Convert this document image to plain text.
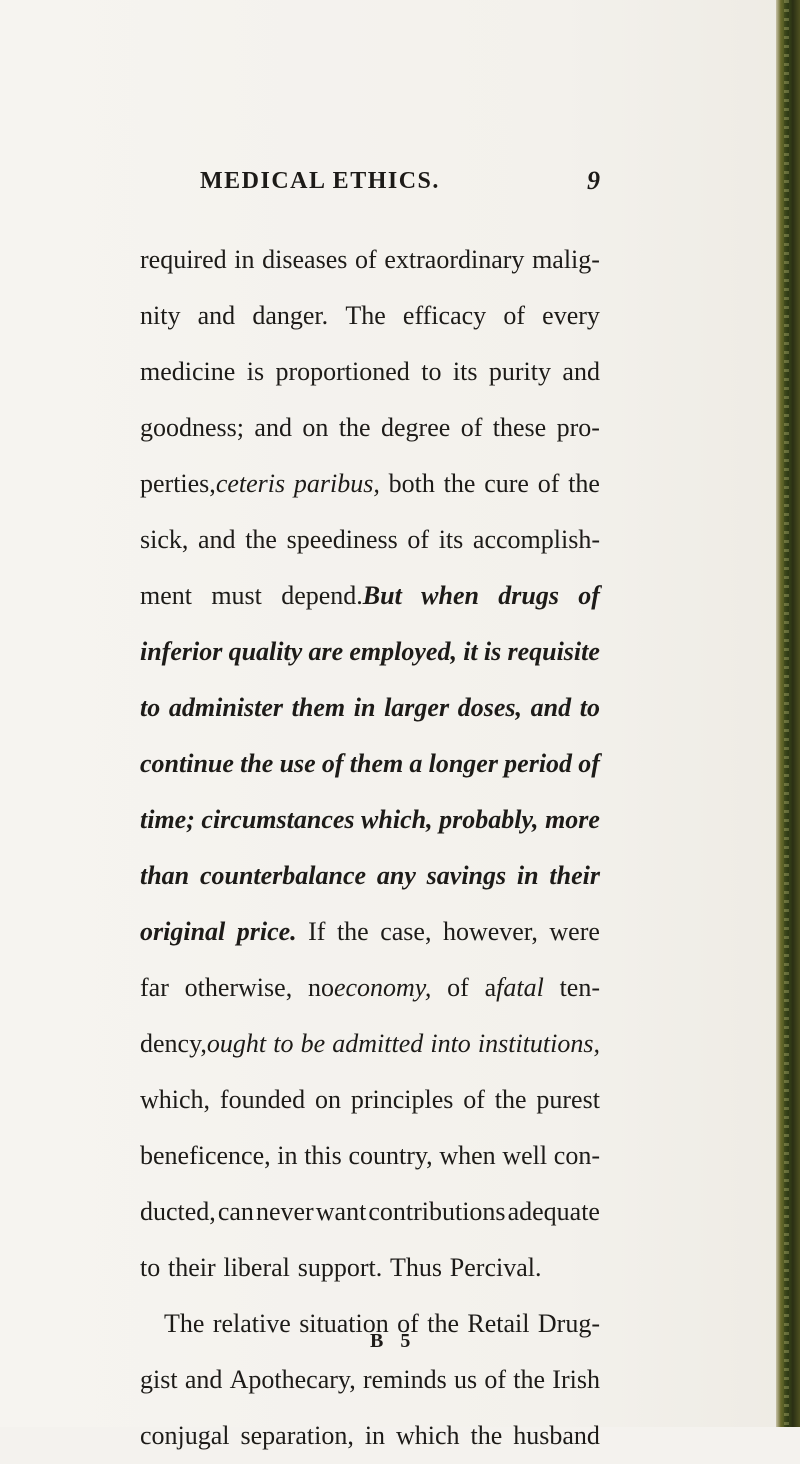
MEDICAL ETHICS.	9
required in diseases of extraordinary malig-
nity and danger. The efficacy of every
medicine is proportioned to its purity and
goodness; and on the degree of these pro-
perties,ceteris paribus, both the cure of the
sick, and the speediness of its accomplish-
ment must depend.But when drugs of
inferior quality are employed, it is requisite
to administer them in larger doses, and to
continue the use of them a longer period of
time; circumstances which, probably, more
than counterbalance any savings in their
original price. If the case, however, were
far otherwise, noeconomy, of afatal ten-
dency,ought to be admitted into institutions,
which, founded on principles of the purest
beneficence, in this country, when well con-
ducted, can never want contributions adequate
to their liberal support. Thus Percival.
The relative situation of the Retail Drug-
gist and Apothecary, reminds us of the Irish
conjugal separation, in which the husband
B 5
